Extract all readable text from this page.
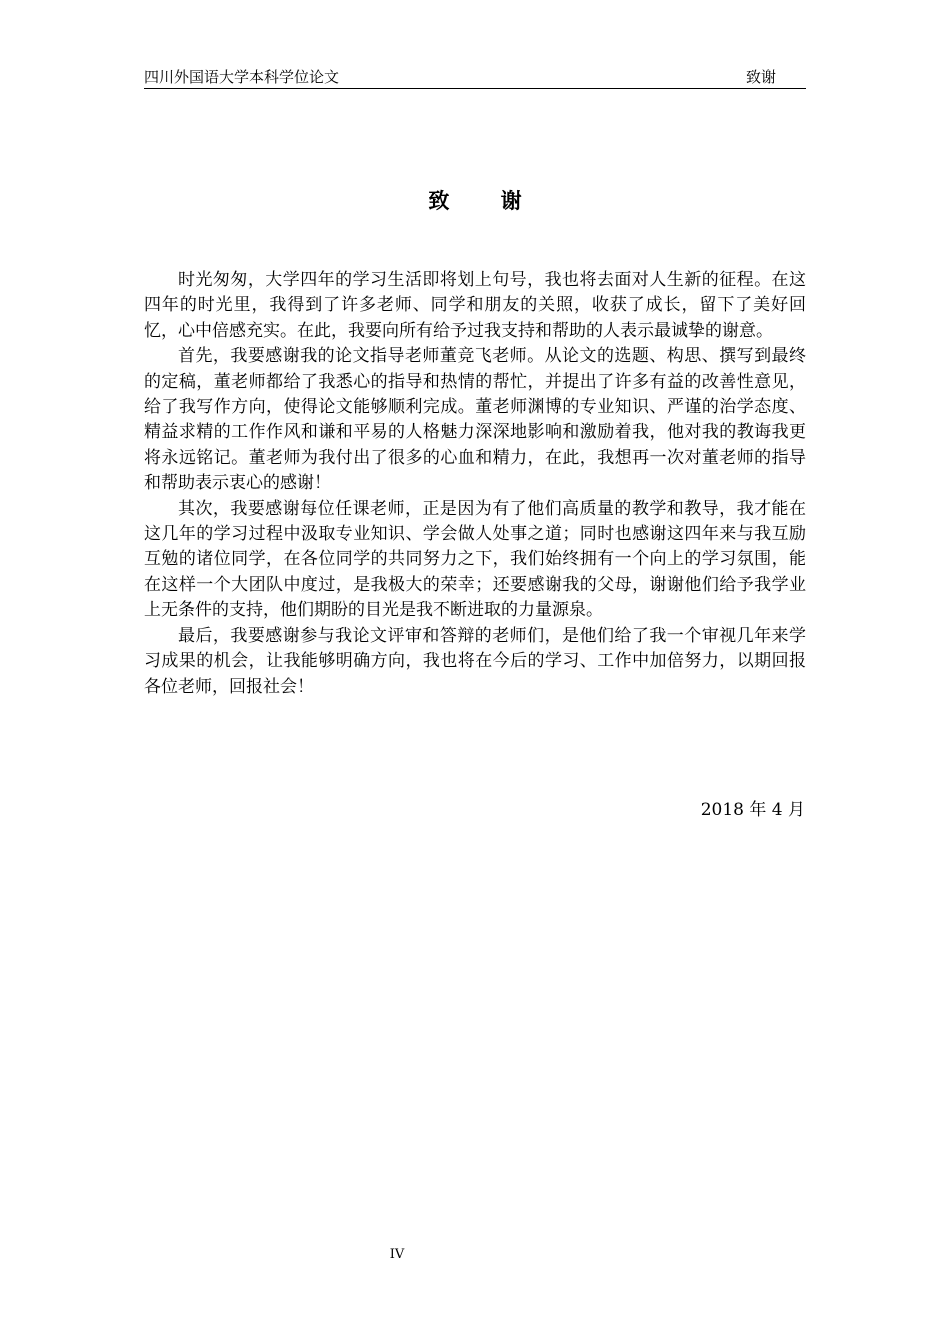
四川外国语大学本科学位论文	致谢
致 谢

时光匆匆，大学四年的学习生活即将划上句号，我也将去面对人生新的征程。在这四年的时光里，我得到了许多老师、同学和朋友的关照，收获了成长，留下了美好回忆，心中倍感充实。在此，我要向所有给予过我支持和帮助的人表示最诚挚的谢意。

首先，我要感谢我的论文指导老师董竞飞老师。从论文的选题、构思、撰写到最终的定稿，董老师都给了我悉心的指导和热情的帮忙，并提出了许多有益的改善性意见，给了我写作方向，使得论文能够顺利完成。董老师渊博的专业知识、严谨的治学态度、精益求精的工作作风和谦和平易的人格魅力深深地影响和激励着我，他对我的教诲我更将永远铭记。董老师为我付出了很多的心血和精力，在此，我想再一次对董老师的指导和帮助表示衷心的感谢！

其次，我要感谢每位任课老师，正是因为有了他们高质量的教学和教导，我才能在这几年的学习过程中汲取专业知识、学会做人处事之道；同时也感谢这四年来与我互励互勉的诸位同学，在各位同学的共同努力之下，我们始终拥有一个向上的学习氛围，能在这样一个大团队中度过，是我极大的荣幸；还要感谢我的父母，谢谢他们给予我学业上无条件的支持，他们期盼的目光是我不断进取的力量源泉。

最后，我要感谢参与我论文评审和答辩的老师们，是他们给了我一个审视几年来学习成果的机会，让我能够明确方向，我也将在今后的学习、工作中加倍努力，以期回报各位老师，回报社会！

2018 年 4 月
IV
